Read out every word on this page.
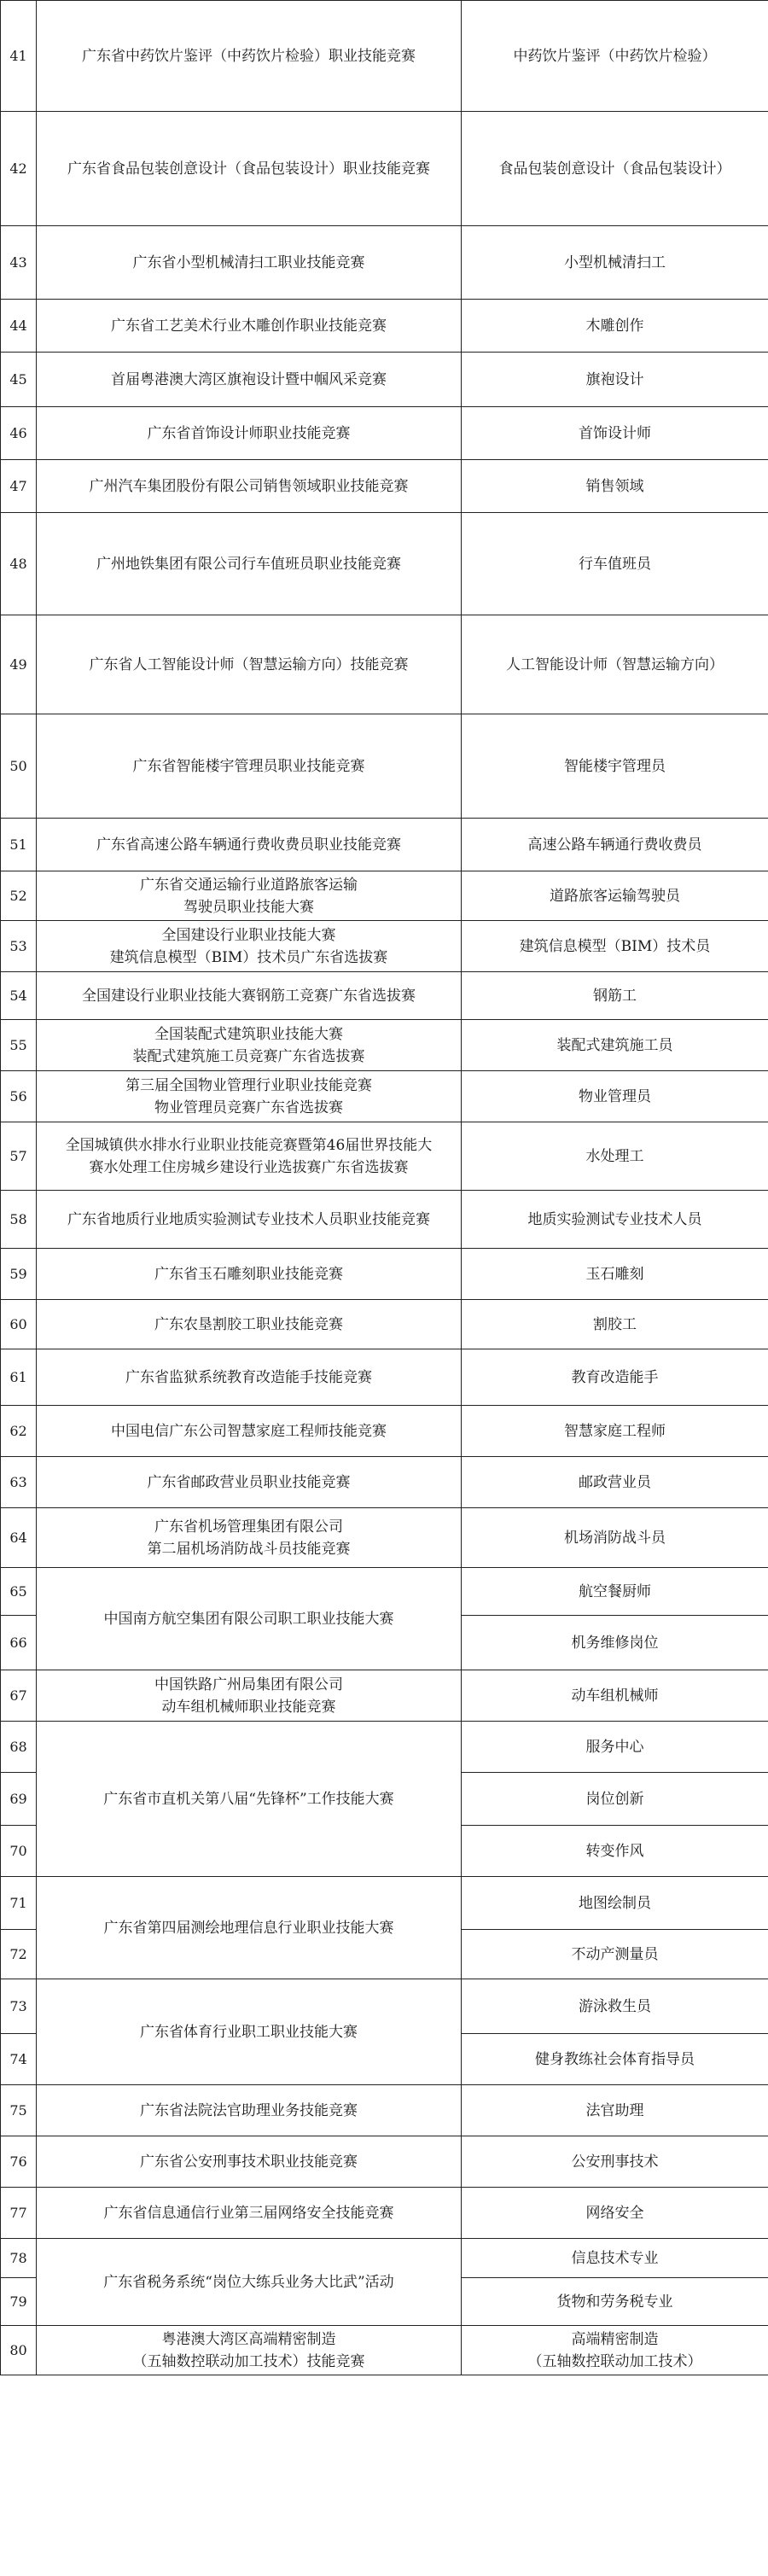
41	广东省中药饮片鉴评（中药饮片检验）职业技能竞赛	中药饮片鉴评（中药饮片检验）

42	广东省食品包装创意设计（食品包装设计）职业技能竞赛	食品包装创意设计（食品包装设计）

43	广东省小型机械清扫工职业技能竞赛	小型机械清扫工

44	广东省工艺美术行业木雕创作职业技能竞赛	木雕创作

45	首届粤港澳大湾区旗袍设计暨中帼风采竞赛	旗袍设计

46	广东省首饰设计师职业技能竞赛	首饰设计师

47	广州汽车集团股份有限公司销售领域职业技能竞赛	销售领域

48	广州地铁集团有限公司行车值班员职业技能竞赛	行车值班员

49	广东省人工智能设计师（智慧运输方向）技能竞赛	人工智能设计师（智慧运输方向）

50	广东省智能楼宇管理员职业技能竞赛	智能楼宇管理员

51	广东省高速公路车辆通行费收费员职业技能竞赛	高速公路车辆通行费收费员

52	广东省交通运输行业道路旅客运输
驾驶员职业技能大赛	道路旅客运输驾驶员

53	全国建设行业职业技能大赛
建筑信息模型（BIM）技术员广东省选拔赛	建筑信息模型（BIM）技术员

54	全国建设行业职业技能大赛钢筋工竞赛广东省选拔赛	钢筋工

55	全国装配式建筑职业技能大赛
装配式建筑施工员竞赛广东省选拔赛	装配式建筑施工员

56	第三届全国物业管理行业职业技能竞赛
物业管理员竞赛广东省选拔赛	物业管理员

57	全国城镇供水排水行业职业技能竞赛暨第46届世界技能大
赛水处理工住房城乡建设行业选拔赛广东省选拔赛	水处理工

58	广东省地质行业地质实验测试专业技术人员职业技能竞赛	地质实验测试专业技术人员

59	广东省玉石雕刻职业技能竞赛	玉石雕刻

60	广东农垦割胶工职业技能竞赛	割胶工

61	广东省监狱系统教育改造能手技能竞赛	教育改造能手

62	中国电信广东公司智慧家庭工程师技能竞赛	智慧家庭工程师

63	广东省邮政营业员职业技能竞赛	邮政营业员

64	广东省机场管理集团有限公司
第二届机场消防战斗员技能竞赛	机场消防战斗员

65	中国南方航空集团有限公司职工职业技能大赛	航空餐厨师

66		机务维修岗位

67	中国铁路广州局集团有限公司
动车组机械师职业技能竞赛	动车组机械师

68	广东省市直机关第八届“先锋杯”工作技能大赛	服务中心

69		岗位创新

70		转变作风

71	广东省第四届测绘地理信息行业职业技能大赛	地图绘制员

72		不动产测量员

73	广东省体育行业职工职业技能大赛	游泳救生员

74		健身教练社会体育指导员

75	广东省法院法官助理业务技能竞赛	法官助理

76	广东省公安刑事技术职业技能竞赛	公安刑事技术

77	广东省信息通信行业第三届网络安全技能竞赛	网络安全

78	广东省税务系统“岗位大练兵业务大比武”活动	信息技术专业

79		货物和劳务税专业

80	粤港澳大湾区高端精密制造
（五轴数控联动加工技术）技能竞赛	高端精密制造
（五轴数控联动加工技术）
